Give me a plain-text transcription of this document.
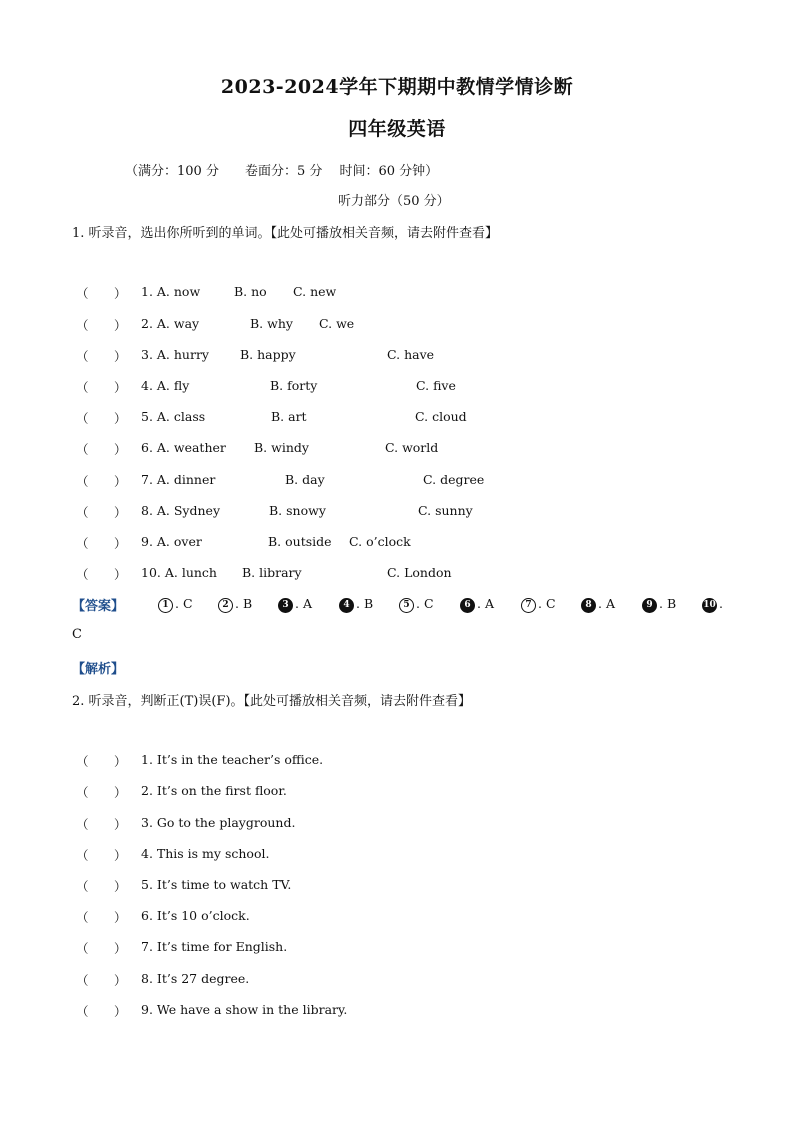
2023-2024学年下期期中教情学情诊断
四年级英语
（满分：100 分　　卷面分：5 分　 时间：60 分钟）
听力部分（50 分）
1. 听录音，选出你所听到的单词。【此处可播放相关音频，请去附件查看】
（ ） 1. A. now	B. no C. new
（ ） 2. A. way	B. why C. we
（ ） 3. A. hurry B. happy	C. have
（ ） 4. A. fly	B. forty	C. five
（ ） 5. A. class	B. art	C. cloud
（ ） 6. A. weather B. windy	C. world
（ ） 7. A. dinner	B. day	C. degree
（ ） 8. A. Sydney	B. snowy	C. sunny
（ ） 9. A. over	B. outside C. o’clock
（ ） 10. A. lunch B. library	C. London
【答案】	1 . C	2 . B	3 . A	4 . B	5 . C	6 . A	7 . C	8 . A	9 . B	10 .
C
【解析】
2. 听录音，判断正(T)误(F)。【此处可播放相关音频，请去附件查看】
（ ） 1. It’s in the teacher’s office.
（ ） 2. It’s on the first floor.
（ ） 3. Go to the playground.
（ ） 4. This is my school.
（ ） 5. It’s time to watch TV.
（ ） 6. It’s 10 o’clock.
（ ） 7. It’s time for English.
（ ） 8. It’s 27 degree.
（ ） 9. We have a show in the library.
